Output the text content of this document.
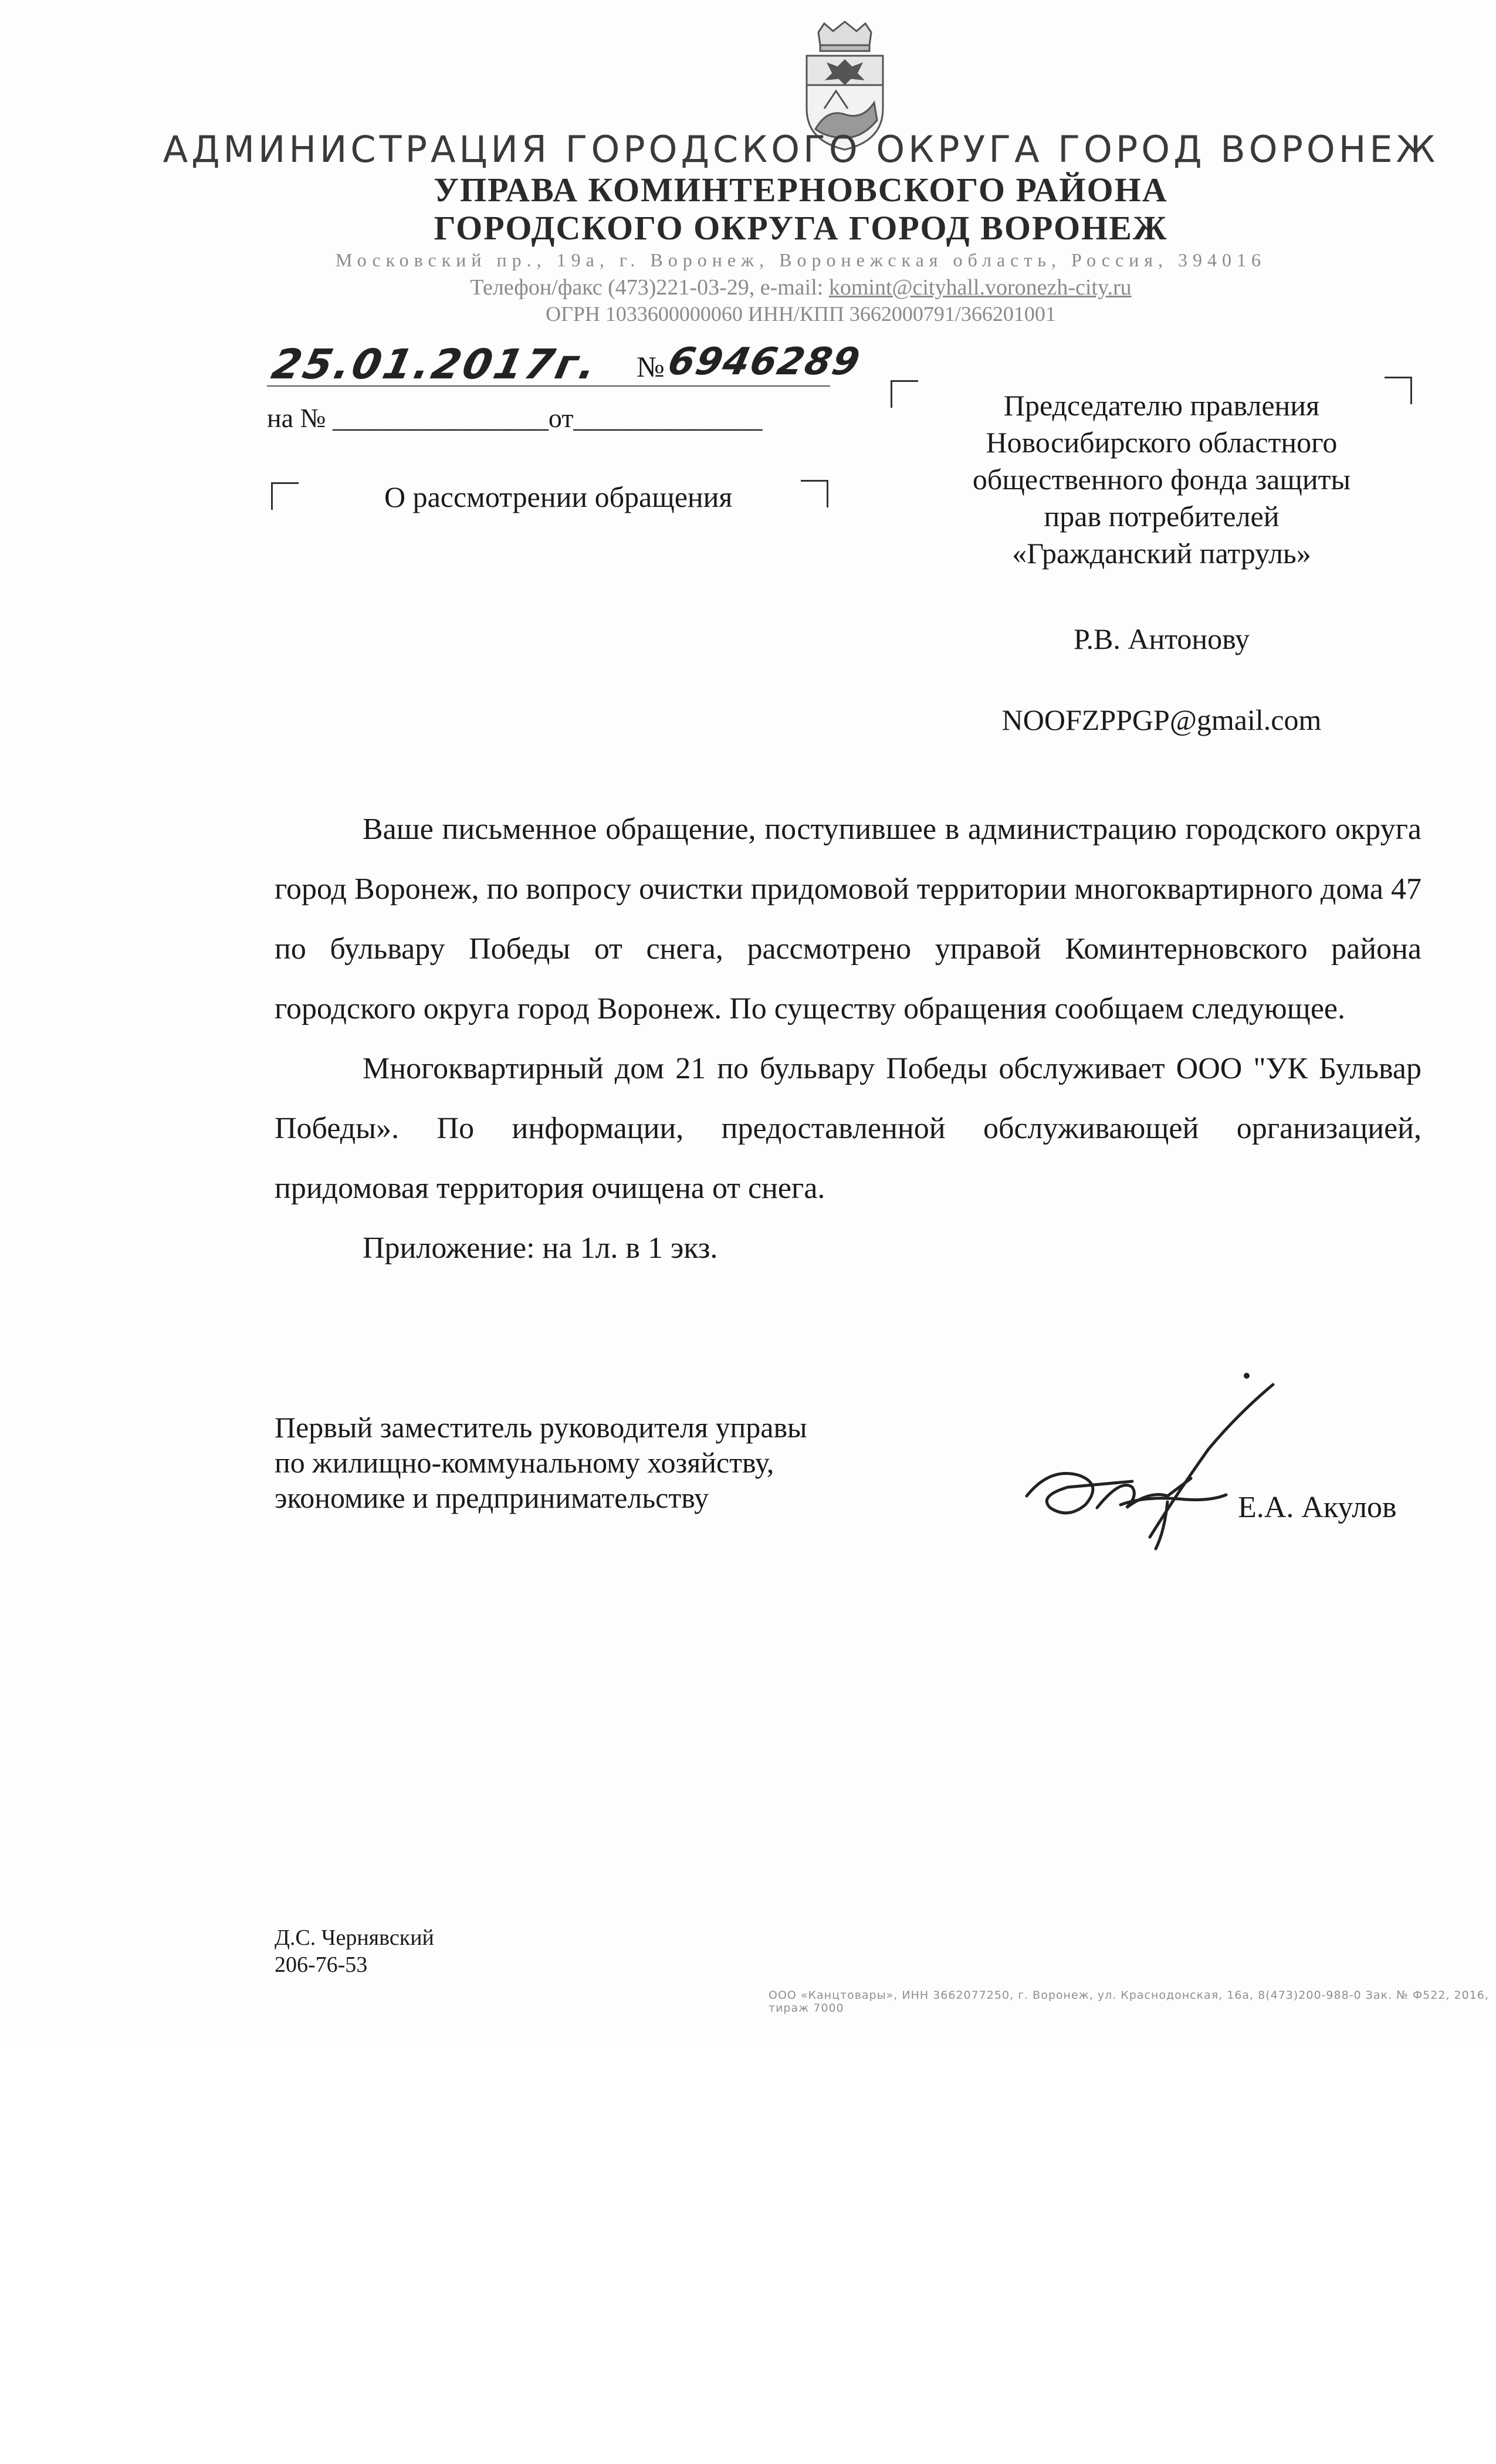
АДМИНИСТРАЦИЯ ГОРОДСКОГО ОКРУГА ГОРОД ВОРОНЕЖ
УПРАВА КОМИНТЕРНОВСКОГО РАЙОНА
ГОРОДСКОГО ОКРУГА ГОРОД ВОРОНЕЖ
Московский пр., 19а, г. Воронеж, Воронежская область, Россия, 394016
Телефон/факс (473)221-03-29, e-mail: komint@cityhall.voronezh-city.ru
ОГРН 1033600000060 ИНН/КПП 3662000791/366201001
25.01.2017г. № 6946289
на № ________________от______________
О рассмотрении обращения
Председателю правления
Новосибирского областного
общественного фонда защиты
прав потребителей
«Гражданский патруль»
Р.В. Антонову
NOOFZPPGP@gmail.com

Ваше письменное обращение, поступившее в администрацию городского округа город Воронеж, по вопросу очистки придомовой территории многоквартирного дома 47 по бульвару Победы от снега, рассмотрено управой Коминтерновского района городского округа город Воронеж. По существу обращения сообщаем следующее.

Многоквартирный дом 21 по бульвару Победы обслуживает ООО "УК Бульвар Победы». По информации, предоставленной обслуживающей организацией, придомовая территория очищена от снега.

Приложение: на 1л. в 1 экз.

Первый заместитель руководителя управы
по жилищно-коммунальному хозяйству,
экономике и предпринимательству	Е.А. Акулов
Д.С. Чернявский
206-76-53
ООО «Канцтовары», ИНН 3662077250, г. Воронеж, ул. Краснодонская, 16а, 8(473)200-988-0 Зак. № Ф522, 2016, тираж 7000
